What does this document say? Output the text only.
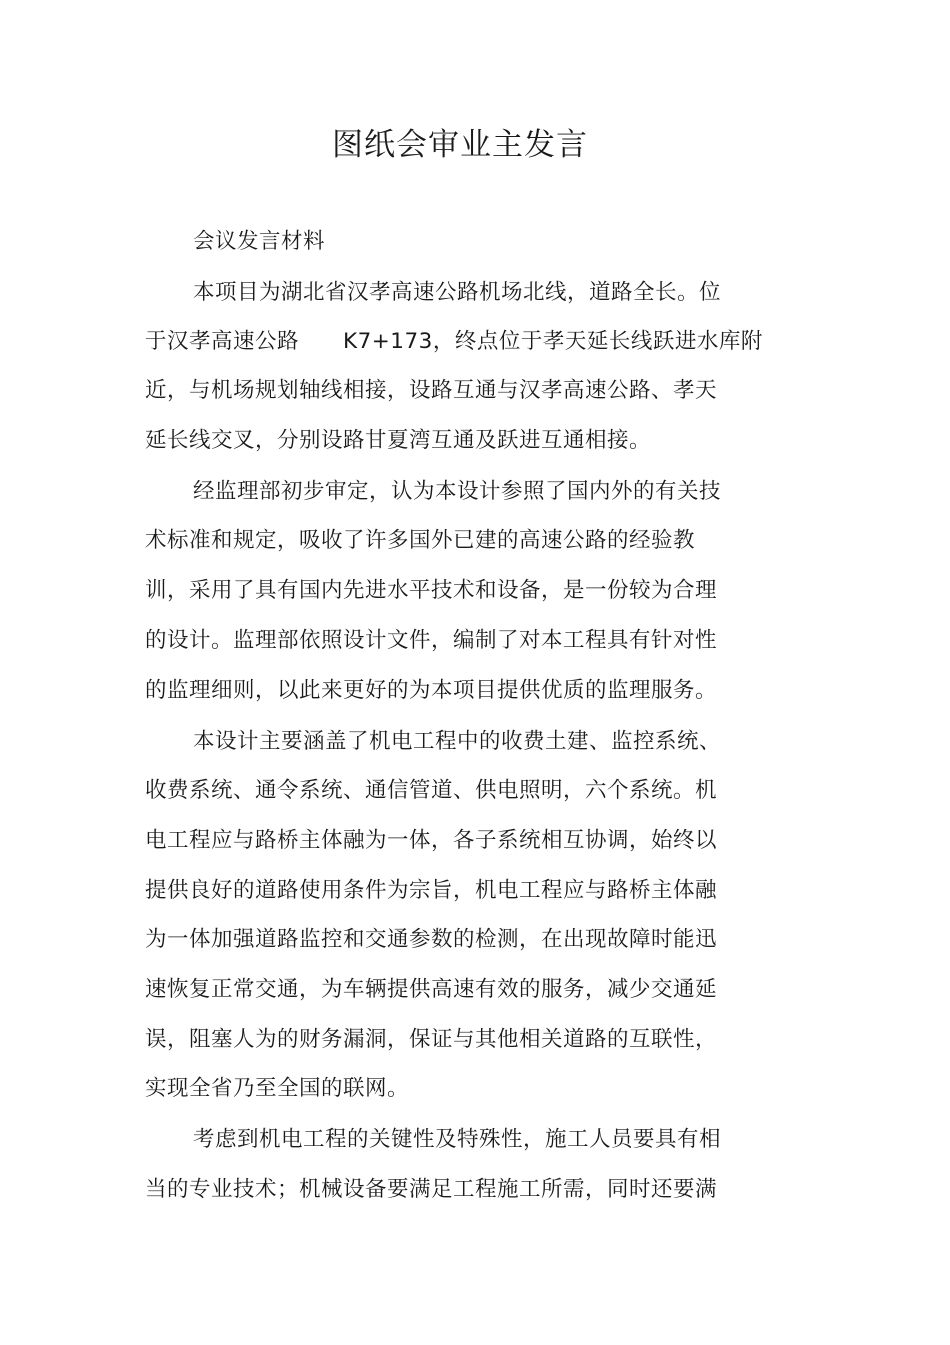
图纸会审业主发言
会议发言材料
本项目为湖北省汉孝高速公路机场北线，道路全长。位
于汉孝高速公路　　K7+173，终点位于孝天延长线跃进水库附
近，与机场规划轴线相接，设路互通与汉孝高速公路、孝天
延长线交叉，分别设路甘夏湾互通及跃进互通相接。
经监理部初步审定，认为本设计参照了国内外的有关技
术标准和规定，吸收了许多国外已建的高速公路的经验教
训，采用了具有国内先进水平技术和设备，是一份较为合理
的设计。监理部依照设计文件，编制了对本工程具有针对性
的监理细则，以此来更好的为本项目提供优质的监理服务。
本设计主要涵盖了机电工程中的收费土建、监控系统、
收费系统、通令系统、通信管道、供电照明，六个系统。机
电工程应与路桥主体融为一体，各子系统相互协调，始终以
提供良好的道路使用条件为宗旨，机电工程应与路桥主体融
为一体加强道路监控和交通参数的检测，在出现故障时能迅
速恢复正常交通，为车辆提供高速有效的服务，减少交通延
误，阻塞人为的财务漏洞，保证与其他相关道路的互联性，
实现全省乃至全国的联网。
考虑到机电工程的关键性及特殊性，施工人员要具有相
当的专业技术；机械设备要满足工程施工所需，同时还要满
